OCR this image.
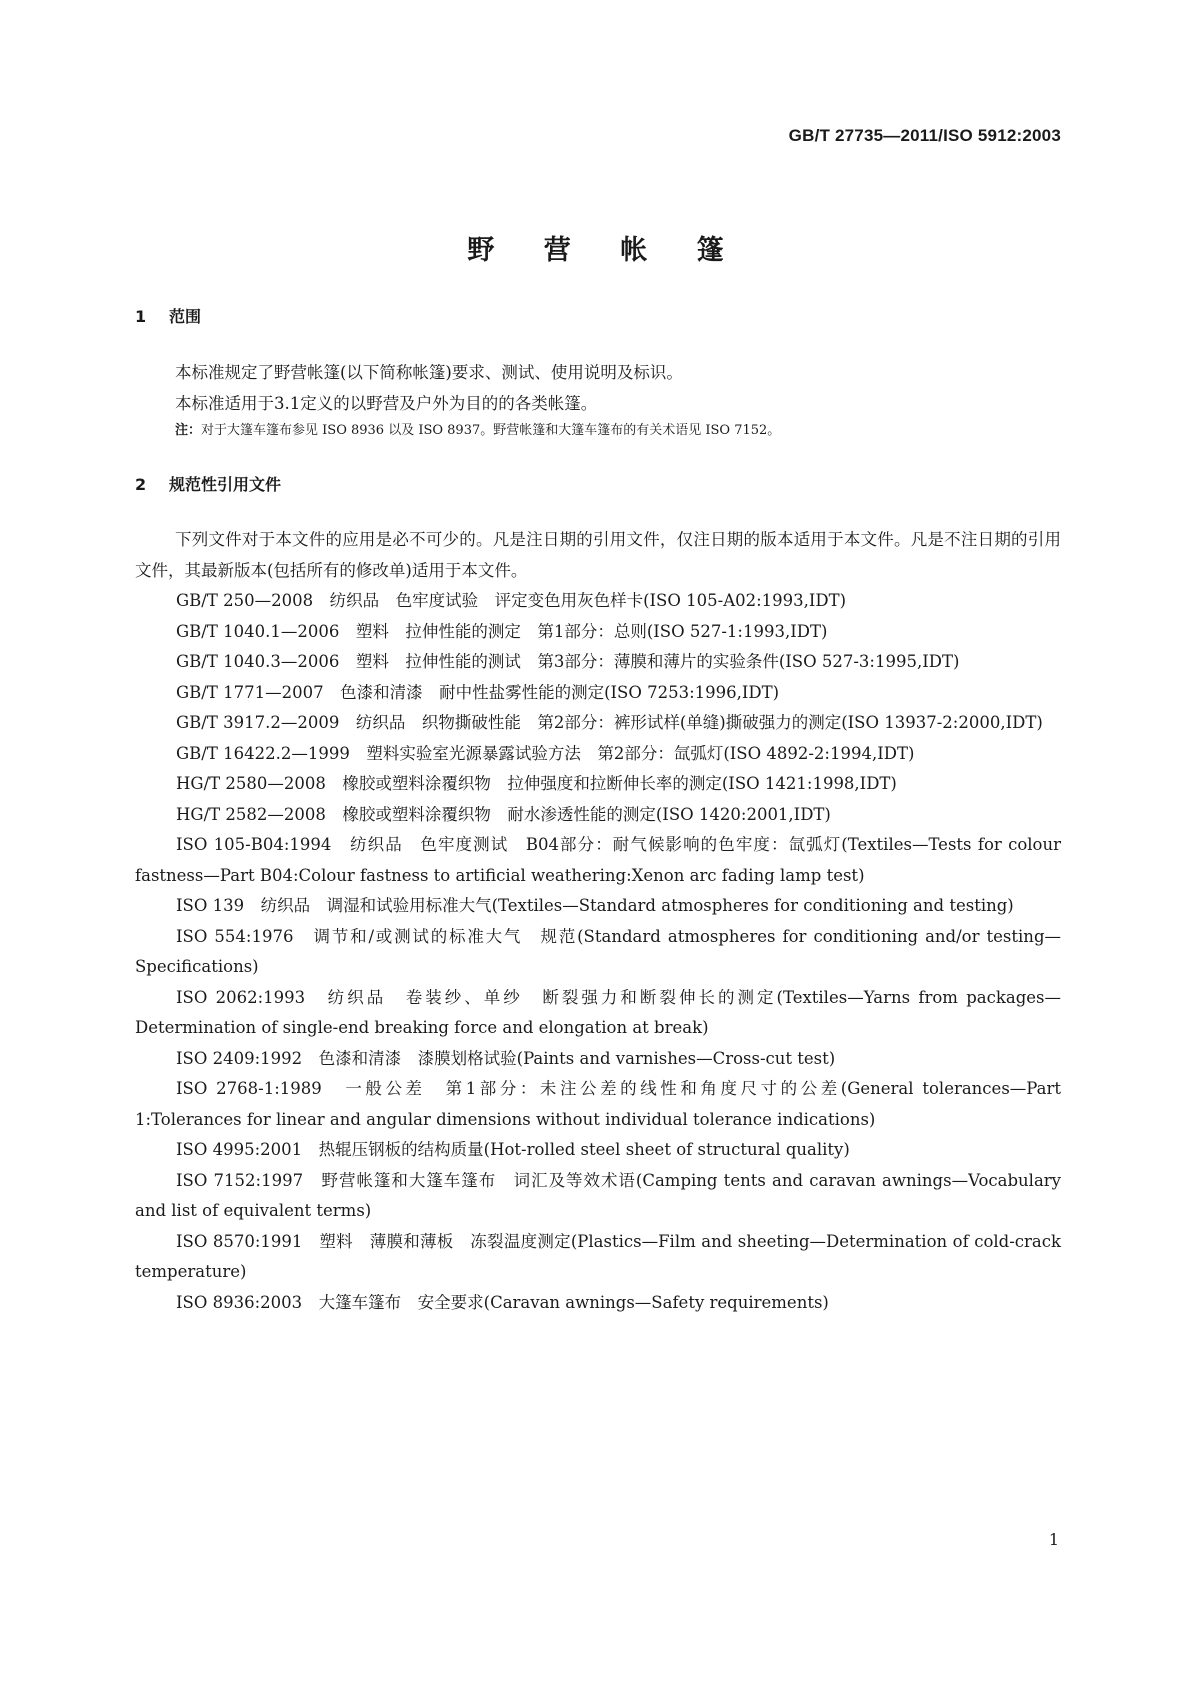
GB/T 27735—2011/ISO 5912:2003
野 营 帐 篷
1 范围

本标准规定了野营帐篷(以下简称帐篷)要求、测试、使用说明及标识。

本标准适用于3.1定义的以野营及户外为目的的各类帐篷。

注：对于大篷车篷布参见 ISO 8936 以及 ISO 8937。野营帐篷和大篷车篷布的有关术语见 ISO 7152。

2 规范性引用文件

下列文件对于本文件的应用是必不可少的。凡是注日期的引用文件，仅注日期的版本适用于本文件。凡是不注日期的引用文件，其最新版本(包括所有的修改单)适用于本文件。

GB/T 250—2008　纺织品　色牢度试验　评定变色用灰色样卡(ISO 105-A02:1993,IDT)

GB/T 1040.1—2006　塑料　拉伸性能的测定　第1部分：总则(ISO 527-1:1993,IDT)

GB/T 1040.3—2006　塑料　拉伸性能的测试　第3部分：薄膜和薄片的实验条件(ISO 527-3:1995,IDT)

GB/T 1771—2007　色漆和清漆　耐中性盐雾性能的测定(ISO 7253:1996,IDT)

GB/T 3917.2—2009　纺织品　织物撕破性能　第2部分：裤形试样(单缝)撕破强力的测定(ISO 13937-2:2000,IDT)

GB/T 16422.2—1999　塑料实验室光源暴露试验方法　第2部分：氙弧灯(ISO 4892-2:1994,IDT)

HG/T 2580—2008　橡胶或塑料涂覆织物　拉伸强度和拉断伸长率的测定(ISO 1421:1998,IDT)

HG/T 2582—2008　橡胶或塑料涂覆织物　耐水渗透性能的测定(ISO 1420:2001,IDT)

ISO 105-B04:1994　纺织品　色牢度测试　B04部分：耐气候影响的色牢度：氙弧灯(Textiles—Tests for colour fastness—Part B04:Colour fastness to artificial weathering:Xenon arc fading lamp test)

ISO 139　纺织品　调湿和试验用标准大气(Textiles—Standard atmospheres for conditioning and testing)

ISO 554:1976　调节和/或测试的标准大气　规范(Standard atmospheres for conditioning and/or testing—Specifications)

ISO 2062:1993　纺织品　卷装纱、单纱　断裂强力和断裂伸长的测定(Textiles—Yarns from packages—Determination of single-end breaking force and elongation at break)

ISO 2409:1992　色漆和清漆　漆膜划格试验(Paints and varnishes—Cross-cut test)

ISO 2768-1:1989　一般公差　第1部分：未注公差的线性和角度尺寸的公差(General tolerances—Part 1:Tolerances for linear and angular dimensions without individual tolerance indications)

ISO 4995:2001　热辊压钢板的结构质量(Hot-rolled steel sheet of structural quality)

ISO 7152:1997　野营帐篷和大篷车篷布　词汇及等效术语(Camping tents and caravan awnings—Vocabulary and list of equivalent terms)

ISO 8570:1991　塑料　薄膜和薄板　冻裂温度测定(Plastics—Film and sheeting—Determination of cold-crack temperature)

ISO 8936:2003　大篷车篷布　安全要求(Caravan awnings—Safety requirements)

1
